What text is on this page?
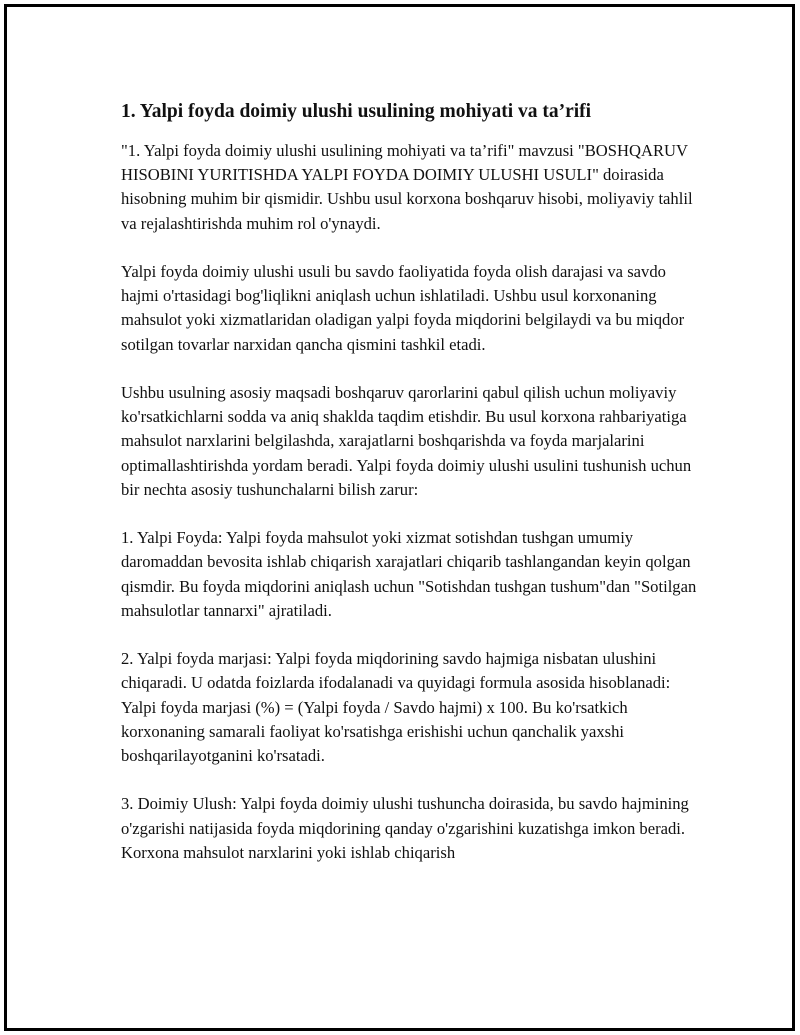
1. Yalpi foyda doimiy ulushi usulining mohiyati va ta’rifi

"1. Yalpi foyda doimiy ulushi usulining mohiyati va ta’rifi" mavzusi "BOSHQARUV HISOBINI YURITISHDA YALPI FOYDA DOIMIY ULUSHI USULI" doirasida hisobning muhim bir qismidir. Ushbu usul korxona boshqaruv hisobi, moliyaviy tahlil va rejalashtirishda muhim rol o'ynaydi.

Yalpi foyda doimiy ulushi usuli bu savdo faoliyatida foyda olish darajasi va savdo hajmi o'rtasidagi bog'liqlikni aniqlash uchun ishlatiladi. Ushbu usul korxonaning mahsulot yoki xizmatlaridan oladigan yalpi foyda miqdorini belgilaydi va bu miqdor sotilgan tovarlar narxidan qancha qismini tashkil etadi.

Ushbu usulning asosiy maqsadi boshqaruv qarorlarini qabul qilish uchun moliyaviy ko'rsatkichlarni sodda va aniq shaklda taqdim etishdir. Bu usul korxona rahbariyatiga mahsulot narxlarini belgilashda, xarajatlarni boshqarishda va foyda marjalarini optimallashtirishda yordam beradi. Yalpi foyda doimiy ulushi usulini tushunish uchun bir nechta asosiy tushunchalarni bilish zarur:

1. Yalpi Foyda: Yalpi foyda mahsulot yoki xizmat sotishdan tushgan umumiy daromaddan bevosita ishlab chiqarish xarajatlari chiqarib tashlangandan keyin qolgan qismdir. Bu foyda miqdorini aniqlash uchun "Sotishdan tushgan tushum"dan "Sotilgan mahsulotlar tannarxi" ajratiladi.

2. Yalpi foyda marjasi: Yalpi foyda miqdorining savdo hajmiga nisbatan ulushini chiqaradi. U odatda foizlarda ifodalanadi va quyidagi formula asosida hisoblanadi: Yalpi foyda marjasi (%) = (Yalpi foyda / Savdo hajmi) x 100. Bu ko'rsatkich korxonaning samarali faoliyat ko'rsatishga erishishi uchun qanchalik yaxshi boshqarilayotganini ko'rsatadi.

3. Doimiy Ulush: Yalpi foyda doimiy ulushi tushuncha doirasida, bu savdo hajmining o'zgarishi natijasida foyda miqdorining qanday o'zgarishini kuzatishga imkon beradi. Korxona mahsulot narxlarini yoki ishlab chiqarish
